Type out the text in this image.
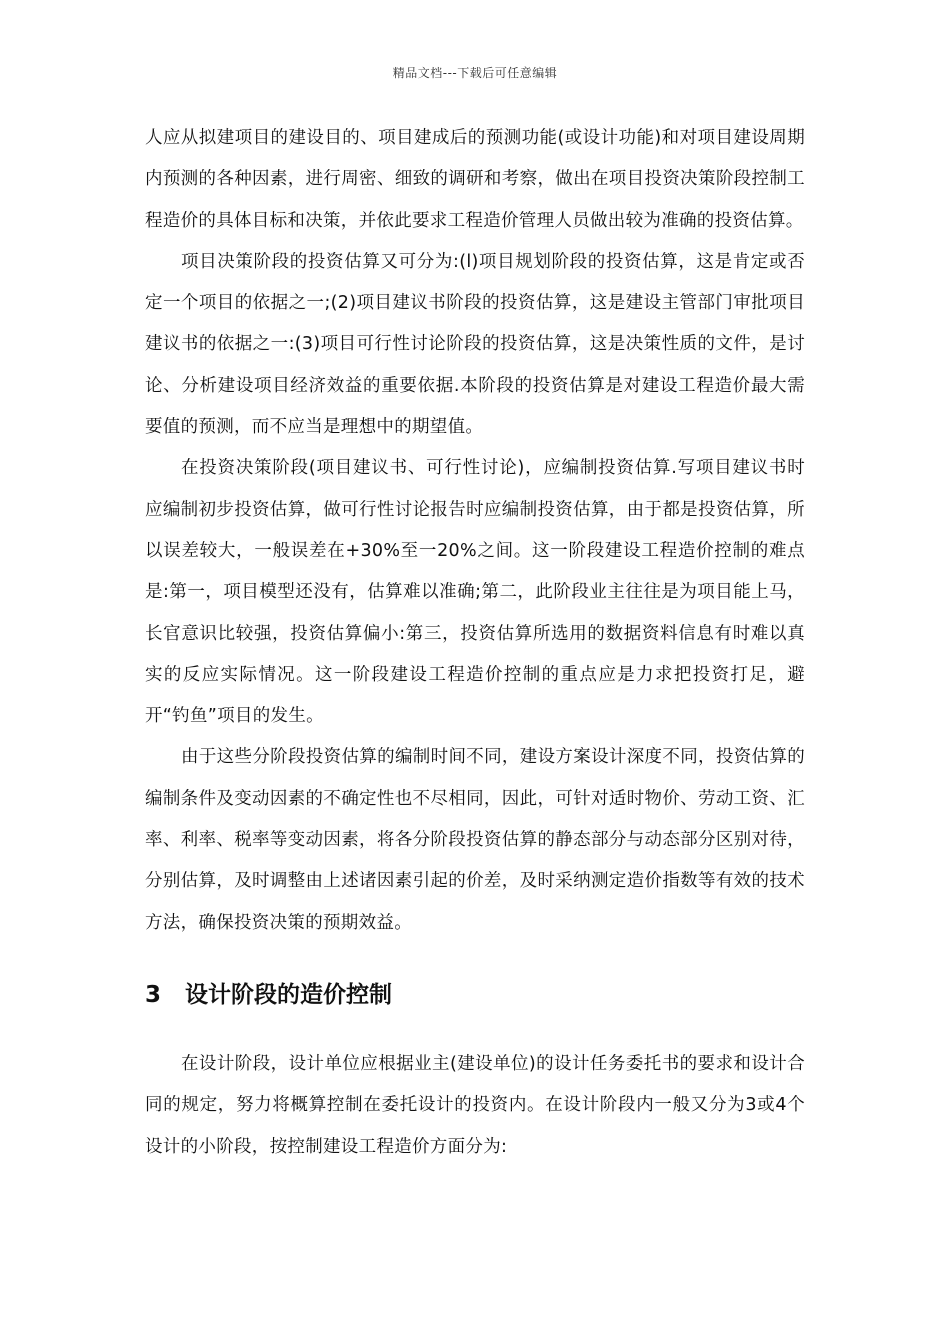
精品文档---下载后可任意编辑

人应从拟建项目的建设目的、项目建成后的预测功能(或设计功能)和对项目建设周期内预测的各种因素，进行周密、细致的调研和考察，做出在项目投资决策阶段控制工程造价的具体目标和决策，并依此要求工程造价管理人员做出较为准确的投资估算。

项目决策阶段的投资估算又可分为:(l)项目规划阶段的投资估算，这是肯定或否定一个项目的依据之一;(2)项目建议书阶段的投资估算，这是建设主管部门审批项目建议书的依据之一:(3)项目可行性讨论阶段的投资估算，这是决策性质的文件，是讨论、分析建设项目经济效益的重要依据.本阶段的投资估算是对建设工程造价最大需要值的预测，而不应当是理想中的期望值。

在投资决策阶段(项目建议书、可行性讨论)，应编制投资估算.写项目建议书时应编制初步投资估算，做可行性讨论报告时应编制投资估算，由于都是投资估算，所以误差较大，一般误差在+30%至一20%之间。这一阶段建设工程造价控制的难点是:第一，项目模型还没有，估算难以准确;第二，此阶段业主往往是为项目能上马，长官意识比较强，投资估算偏小:第三，投资估算所选用的数据资料信息有时难以真实的反应实际情况。这一阶段建设工程造价控制的重点应是力求把投资打足，避开“钓鱼”项目的发生。

由于这些分阶段投资估算的编制时间不同，建设方案设计深度不同，投资估算的编制条件及变动因素的不确定性也不尽相同，因此，可针对适时物价、劳动工资、汇率、利率、税率等变动因素，将各分阶段投资估算的静态部分与动态部分区别对待，分别估算，及时调整由上述诸因素引起的价差，及时采纳测定造价指数等有效的技术方法，确保投资决策的预期效益。

3	设计阶段的造价控制

在设计阶段，设计单位应根据业主(建设单位)的设计任务委托书的要求和设计合同的规定，努力将概算控制在委托设计的投资内。在设计阶段内一般又分为3或4个设计的小阶段，按控制建设工程造价方面分为:
